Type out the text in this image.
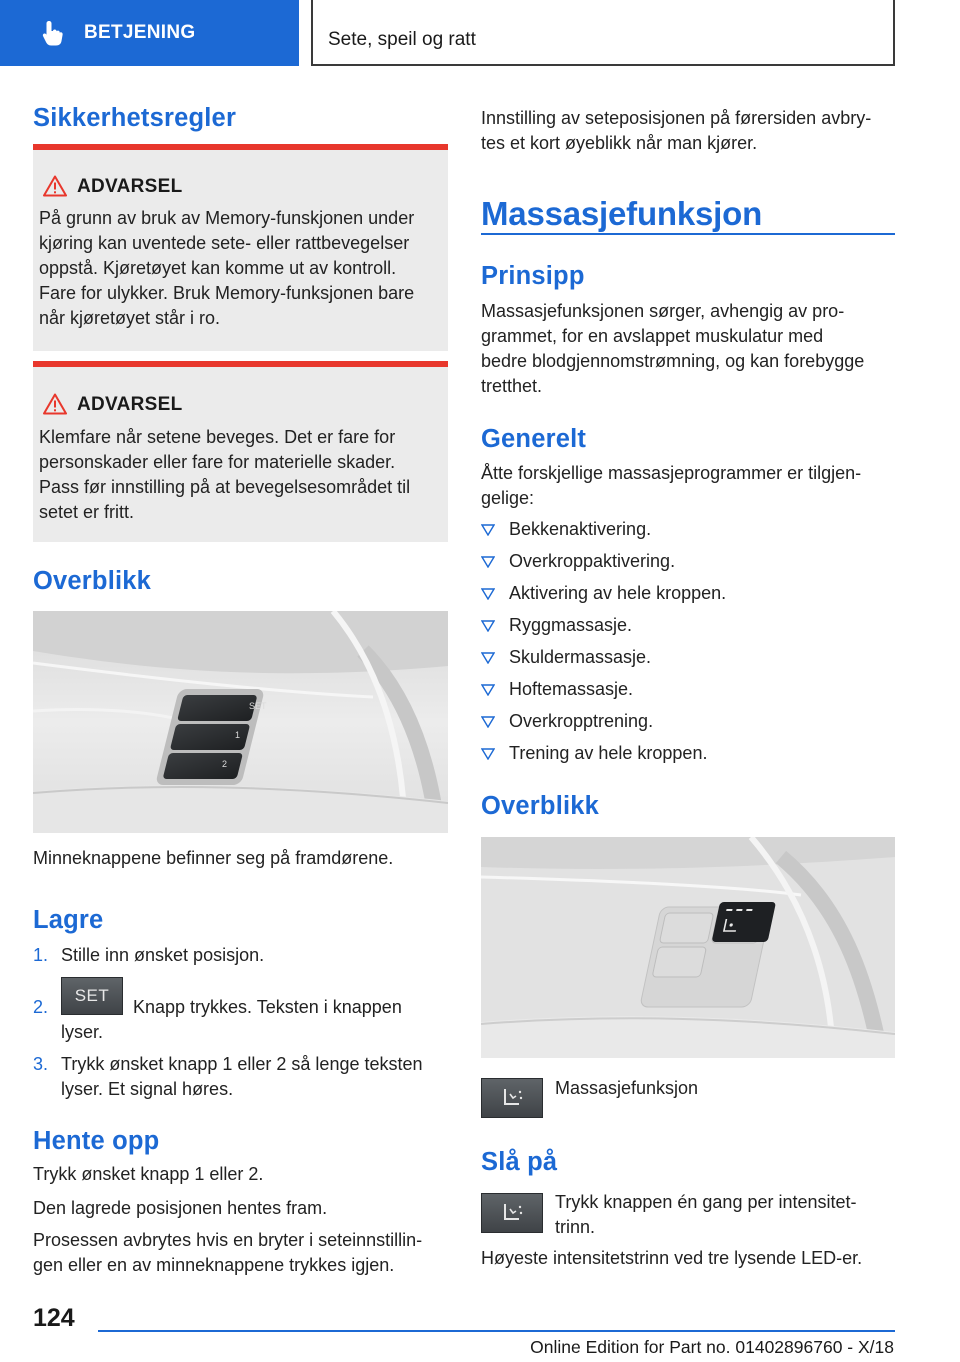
BETJENING	Sete, speil og ratt
Sikkerhetsregler
ADVARSEL
På grunn av bruk av Memory-funskjonen under
kjøring kan uventede sete- eller rattbevegelser
oppstå. Kjøretøyet kan komme ut av kontroll.
Fare for ulykker. Bruk Memory-funksjonen bare
når kjøretøyet står i ro.
ADVARSEL
Klemfare når setene beveges. Det er fare for
personskader eller fare for materielle skader.
Pass før innstilling på at bevegelsesområdet til
setet er fritt.
Overblikk
SET
1
2
Minneknappene befinner seg på framdørene.
Lagre
1. Stille inn ønsket posisjon.
2.
SET
Knapp trykkes. Teksten i knappen
lyser.
3. Trykk ønsket knapp 1 eller 2 så lenge teksten
lyser. Et signal høres.
Hente opp
Trykk ønsket knapp 1 eller 2.
Den lagrede posisjonen hentes fram.
Prosessen avbrytes hvis en bryter i seteinnstillin-
gen eller en av minneknappene trykkes igjen.
Innstilling av seteposisjonen på førersiden avbry-
tes et kort øyeblikk når man kjører.
Massasjefunksjon
Prinsipp
Massasjefunksjonen sørger, avhengig av pro-
grammet, for en avslappet muskulatur med
bedre blodgjennomstrømning, og kan forebygge
tretthet.
Generelt
Åtte forskjellige massasjeprogrammer er tilgjen-
gelige:
Bekkenaktivering.
Overkroppaktivering.
Aktivering av hele kroppen.
Ryggmassasje.
Skuldermassasje.
Hoftemassasje.
Overkropptrening.
Trening av hele kroppen.
Overblikk
Massasjefunksjon
Slå på
Trykk knappen én gang per intensitet-
trinn.
Høyeste intensitetstrinn ved tre lysende LED-er.
124
Online Edition for Part no. 01402896760 - X/18
